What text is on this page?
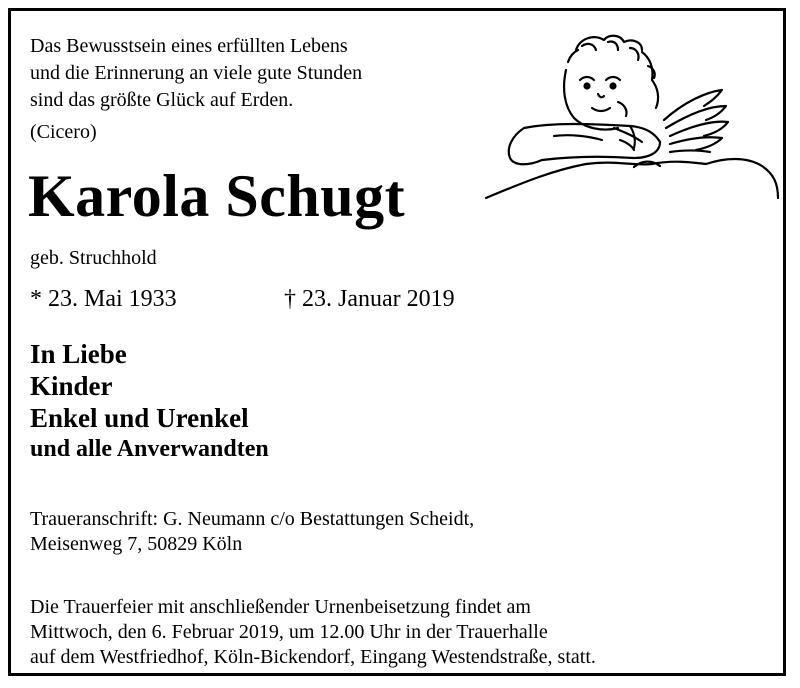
Das Bewusstsein eines erfüllten Lebens
und die Erinnerung an viele gute Stunden
sind das größte Glück auf Erden.
(Cicero)
Karola Schugt
geb. Struchhold
* 23. Mai 1933	† 23. Januar 2019
In Liebe
Kinder
Enkel und Urenkel
und alle Anverwandten
Traueranschrift: G. Neumann c/o Bestattungen Scheidt,
Meisenweg 7, 50829 Köln
Die Trauerfeier mit anschließender Urnenbeisetzung findet am
Mittwoch, den 6. Februar 2019, um 12.00 Uhr in der Trauerhalle
auf dem Westfriedhof, Köln-Bickendorf, Eingang Westendstraße, statt.
